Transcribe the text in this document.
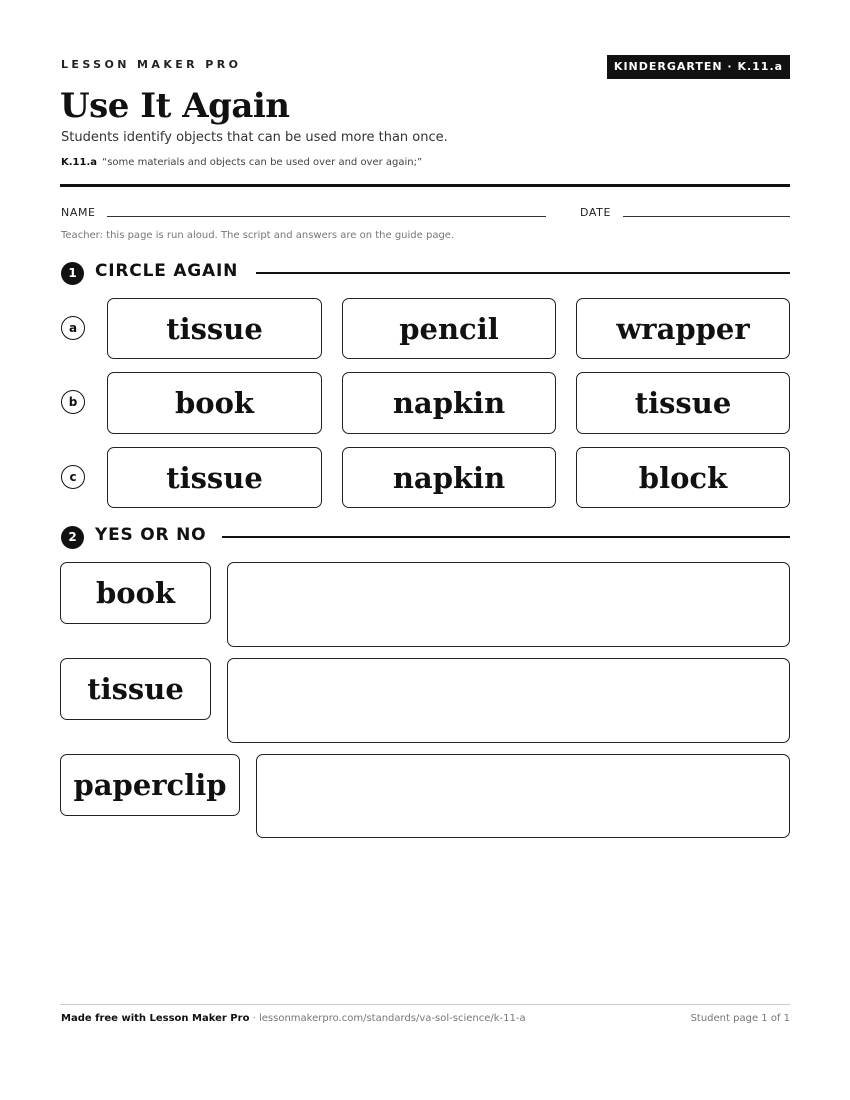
LESSON MAKER PRO	KINDERGARTEN · K.11.a
Use It Again
Students identify objects that can be used more than once.
K.11.a “some materials and objects can be used over and over again;”
NAME	DATE
Teacher: this page is run aloud. The script and answers are on the guide page.
1	CIRCLE AGAIN
a	tissue	pencil	wrapper
b	book	napkin	tissue
c	tissue	napkin	block
2	YES OR NO
book
tissue
paperclip
Made free with Lesson Maker Pro · lessonmakerpro.com/standards/va-sol-science/k-11-a	Student page 1 of 1
